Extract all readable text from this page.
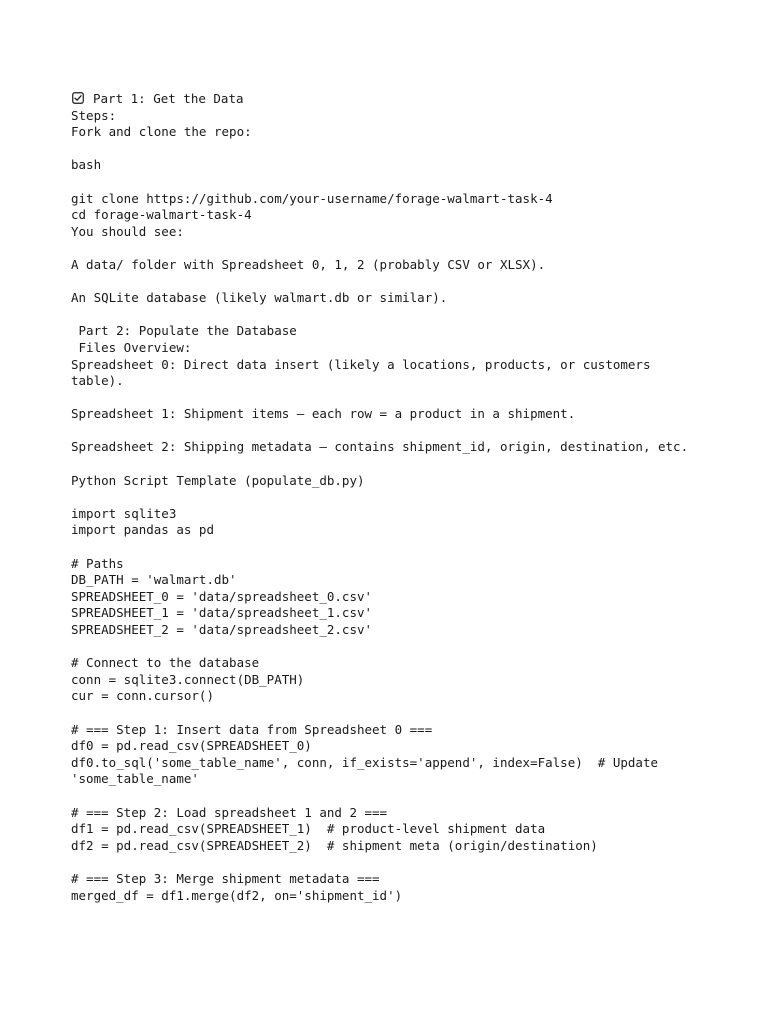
Part 1: Get the Data
Steps:
Fork and clone the repo:
bash
git clone https://github.com/your-username/forage-walmart-task-4
cd forage-walmart-task-4
You should see:
A data/ folder with Spreadsheet 0, 1, 2 (probably CSV or XLSX).
An SQLite database (likely walmart.db or similar).
Part 2: Populate the Database
Files Overview:
Spreadsheet 0: Direct data insert (likely a locations, products, or customers
table).
Spreadsheet 1: Shipment items — each row = a product in a shipment.
Spreadsheet 2: Shipping metadata — contains shipment_id, origin, destination, etc.
Python Script Template (populate_db.py)
import sqlite3
import pandas as pd
# Paths
DB_PATH = 'walmart.db'
SPREADSHEET_0 = 'data/spreadsheet_0.csv'
SPREADSHEET_1 = 'data/spreadsheet_1.csv'
SPREADSHEET_2 = 'data/spreadsheet_2.csv'
# Connect to the database
conn = sqlite3.connect(DB_PATH)
cur = conn.cursor()
# === Step 1: Insert data from Spreadsheet 0 ===
df0 = pd.read_csv(SPREADSHEET_0)
df0.to_sql('some_table_name', conn, if_exists='append', index=False)  # Update
'some_table_name'
# === Step 2: Load spreadsheet 1 and 2 ===
df1 = pd.read_csv(SPREADSHEET_1)  # product-level shipment data
df2 = pd.read_csv(SPREADSHEET_2)  # shipment meta (origin/destination)
# === Step 3: Merge shipment metadata ===
merged_df = df1.merge(df2, on='shipment_id')
